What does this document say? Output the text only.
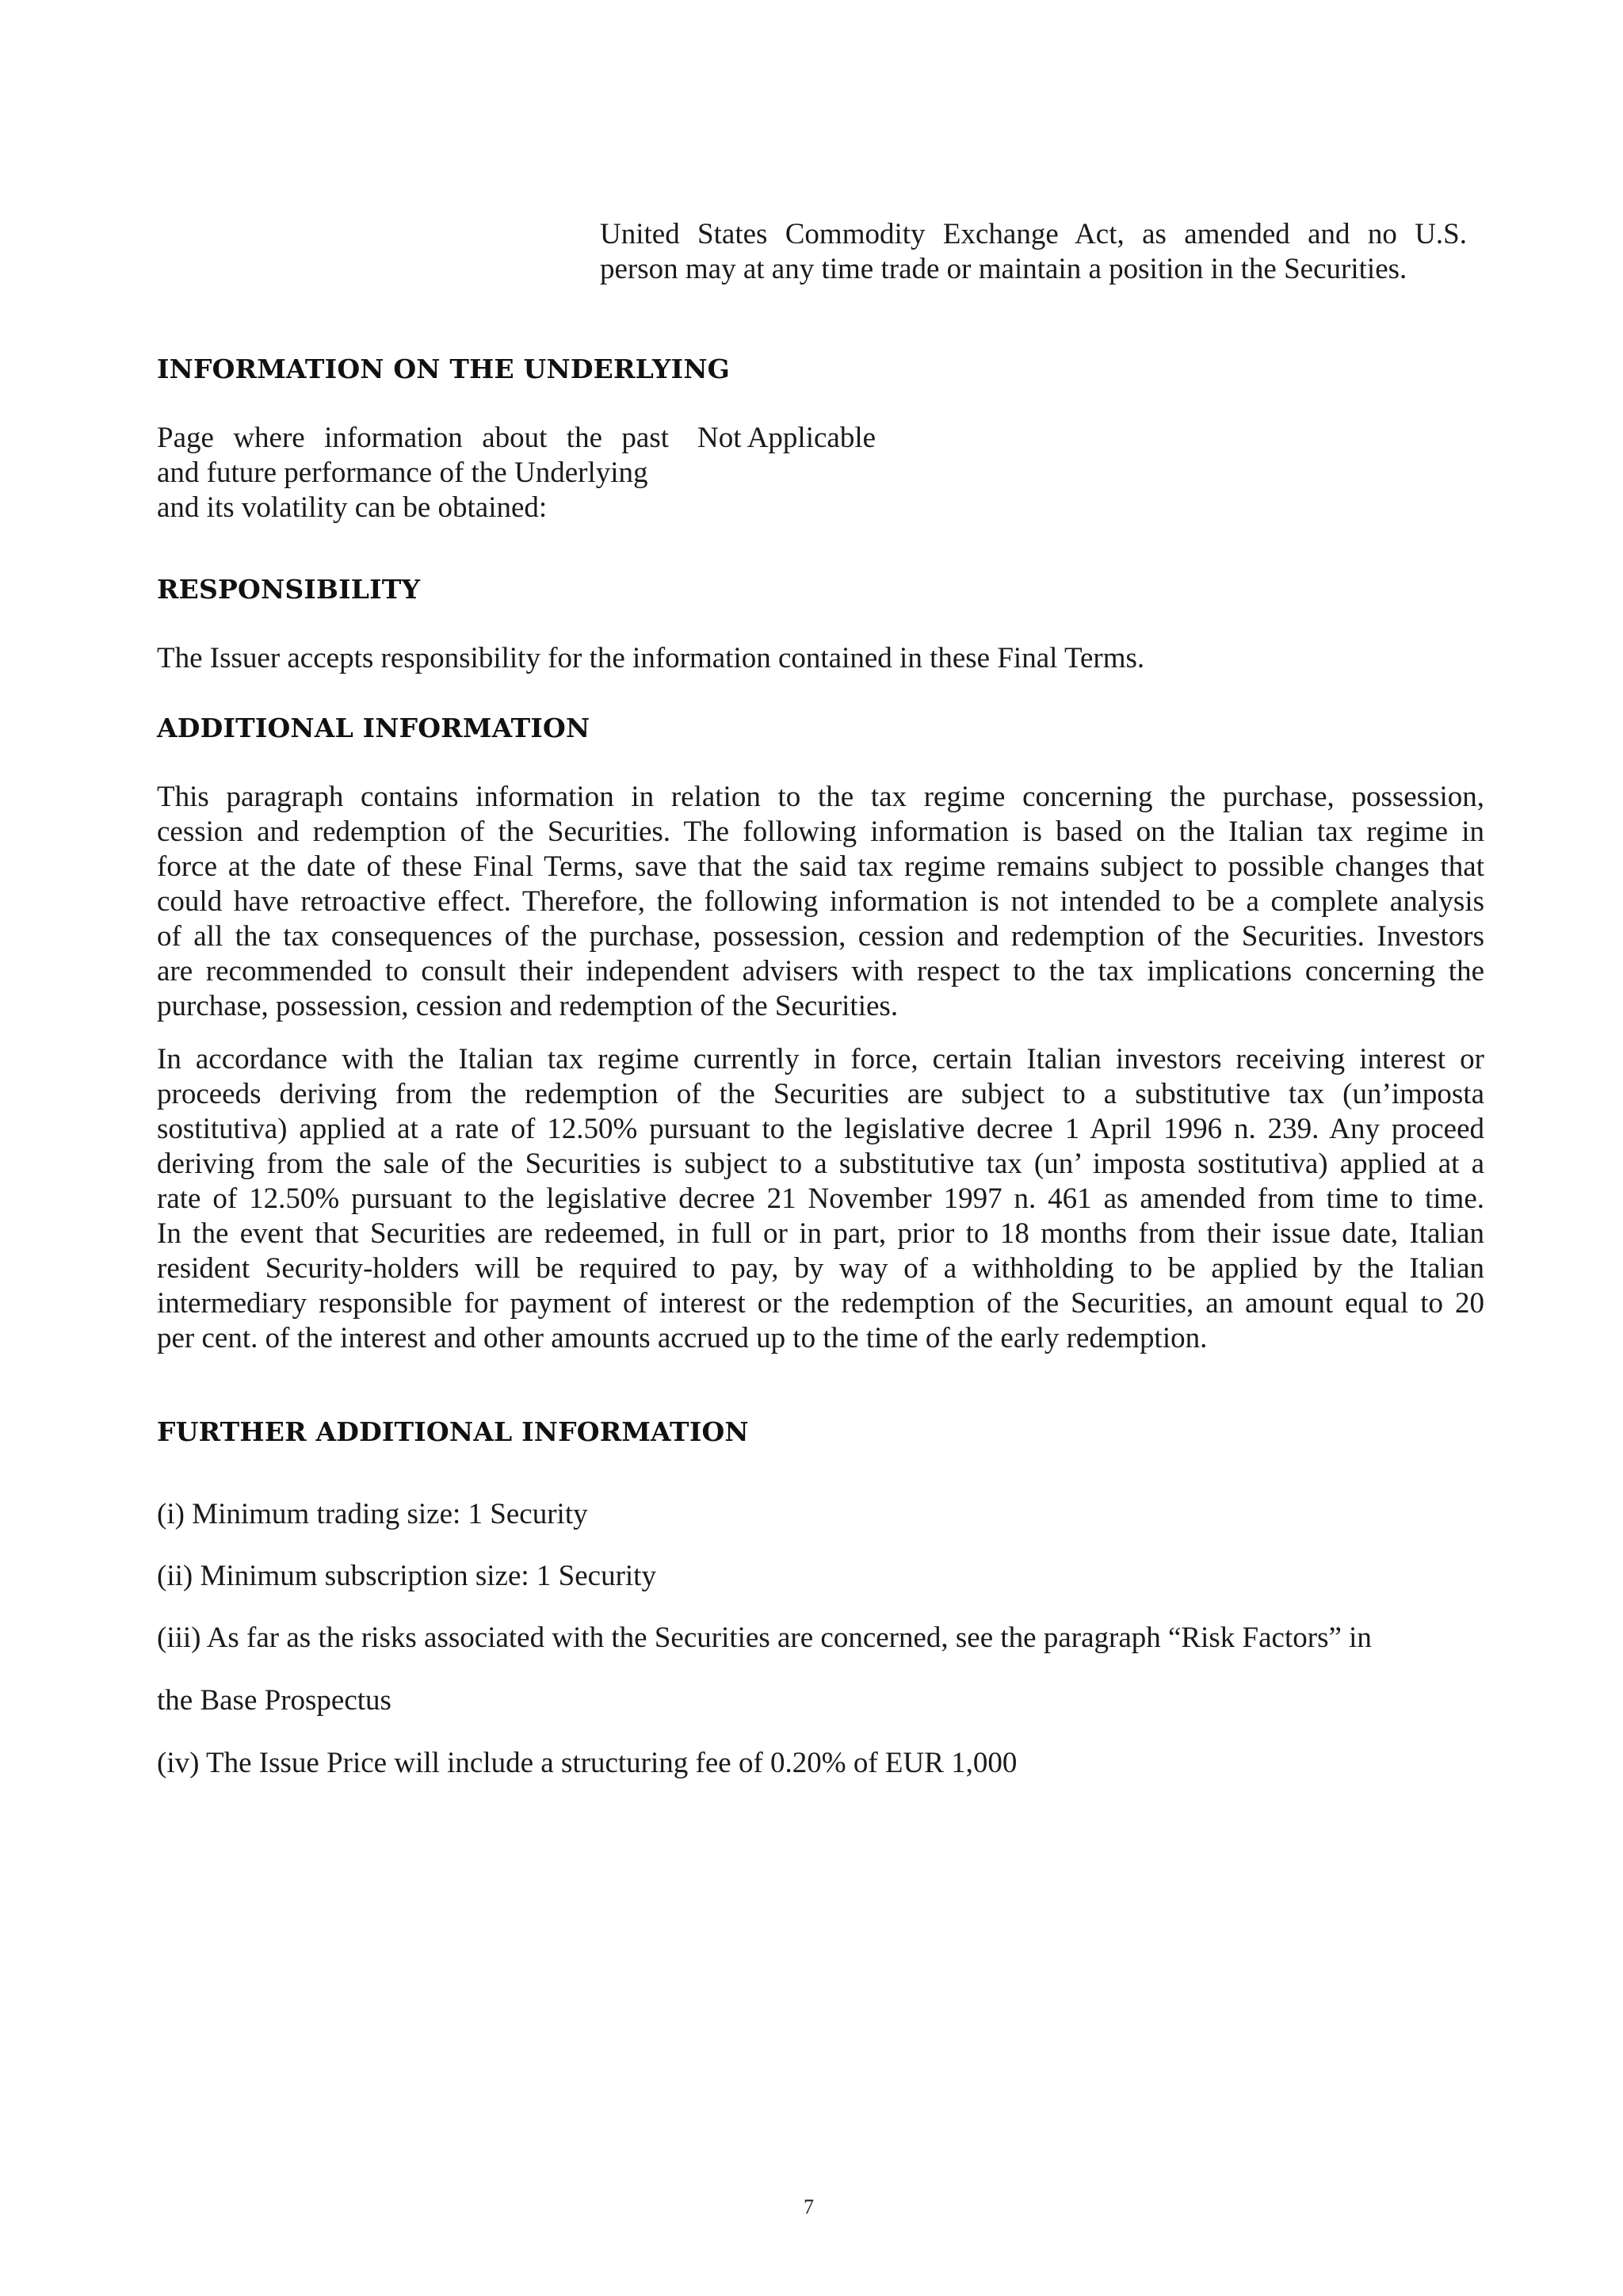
United States Commodity Exchange Act, as amended and no U.S.
person may at any time trade or maintain a position in the Securities.
INFORMATION ON THE UNDERLYING
Page where information about the past
and future performance of the Underlying
and its volatility can be obtained:
Not Applicable
RESPONSIBILITY
The Issuer accepts responsibility for the information contained in these Final Terms.
ADDITIONAL INFORMATION
This paragraph contains information in relation to the tax regime concerning the purchase, possession,
cession and redemption of the Securities. The following information is based on the Italian tax regime in
force at the date of these Final Terms, save that the said tax regime remains subject to possible changes that
could have retroactive effect. Therefore, the following information is not intended to be a complete analysis
of all the tax consequences of the purchase, possession, cession and redemption of the Securities. Investors
are recommended to consult their independent advisers with respect to the tax implications concerning the
purchase, possession, cession and redemption of the Securities.
In accordance with the Italian tax regime currently in force, certain Italian investors receiving interest or
proceeds deriving from the redemption of the Securities are subject to a substitutive tax (un’imposta
sostitutiva) applied at a rate of 12.50% pursuant to the legislative decree 1 April 1996 n. 239. Any proceed
deriving from the sale of the Securities is subject to a substitutive tax (un’ imposta sostitutiva) applied at a
rate of 12.50% pursuant to the legislative decree 21 November 1997 n. 461 as amended from time to time.
In the event that Securities are redeemed, in full or in part, prior to 18 months from their issue date, Italian
resident Security-holders will be required to pay, by way of a withholding to be applied by the Italian
intermediary responsible for payment of interest or the redemption of the Securities, an amount equal to 20
per cent. of the interest and other amounts accrued up to the time of the early redemption.
FURTHER ADDITIONAL INFORMATION
(i) Minimum trading size: 1 Security
(ii) Minimum subscription size: 1 Security
(iii) As far as the risks associated with the Securities are concerned, see the paragraph “Risk Factors” in
the Base Prospectus
(iv) The Issue Price will include a structuring fee of 0.20% of EUR 1,000
7
